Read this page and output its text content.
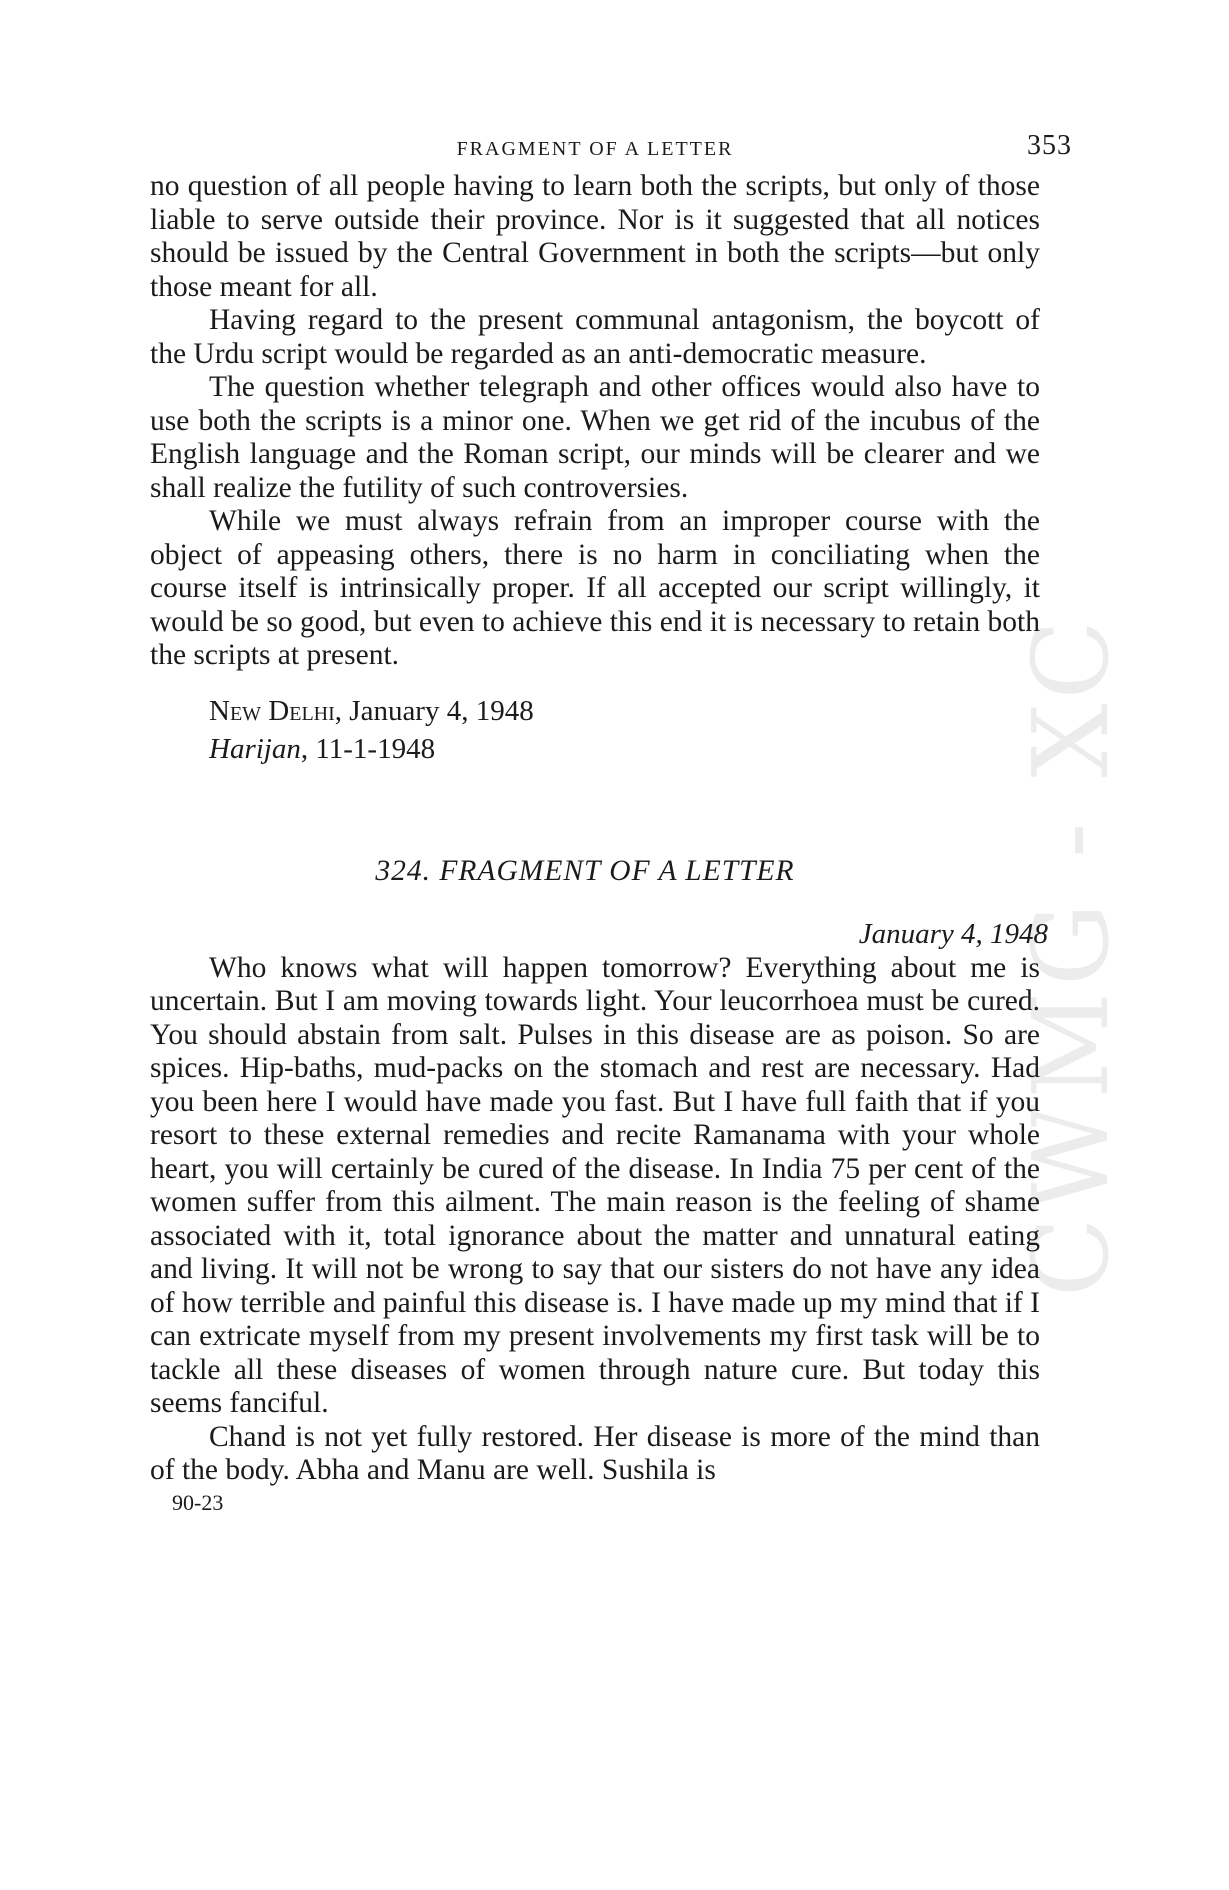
CWMG - XC
FRAGMENT OF A LETTER	353

no question of all people having to learn both the scripts, but only of those liable to serve outside their province. Nor is it suggested that all notices should be issued by the Central Government in both the scripts—but only those meant for all.

Having regard to the present communal antagonism, the boycott of the Urdu script would be regarded as an anti-democratic measure.

The question whether telegraph and other offices would also have to use both the scripts is a minor one. When we get rid of the incubus of the English language and the Roman script, our minds will be clearer and we shall realize the futility of such controversies.

While we must always refrain from an improper course with the object of appeasing others, there is no harm in conciliating when the course itself is intrinsically proper. If all accepted our script willingly, it would be so good, but even to achieve this end it is necessary to retain both the scripts at present.

New Delhi, January 4, 1948
Harijan, 11-1-1948
324. FRAGMENT OF A LETTER
January 4, 1948

Who knows what will happen tomorrow? Everything about me is uncertain. But I am moving towards light. Your leucorrhoea must be cured. You should abstain from salt. Pulses in this disease are as poison. So are spices. Hip-baths, mud-packs on the stomach and rest are necessary. Had you been here I would have made you fast. But I have full faith that if you resort to these external remedies and recite Ramanama with your whole heart, you will certainly be cured of the disease. In India 75 per cent of the women suffer from this ailment. The main reason is the feeling of shame associated with it, total ignorance about the matter and unnatural eating and living. It will not be wrong to say that our sisters do not have any idea of how terrible and painful this disease is. I have made up my mind that if I can extricate myself from my present involvements my first task will be to tackle all these diseases of women through nature cure. But today this seems fanciful.

Chand is not yet fully restored. Her disease is more of the mind than of the body. Abha and Manu are well. Sushila is

90-23
